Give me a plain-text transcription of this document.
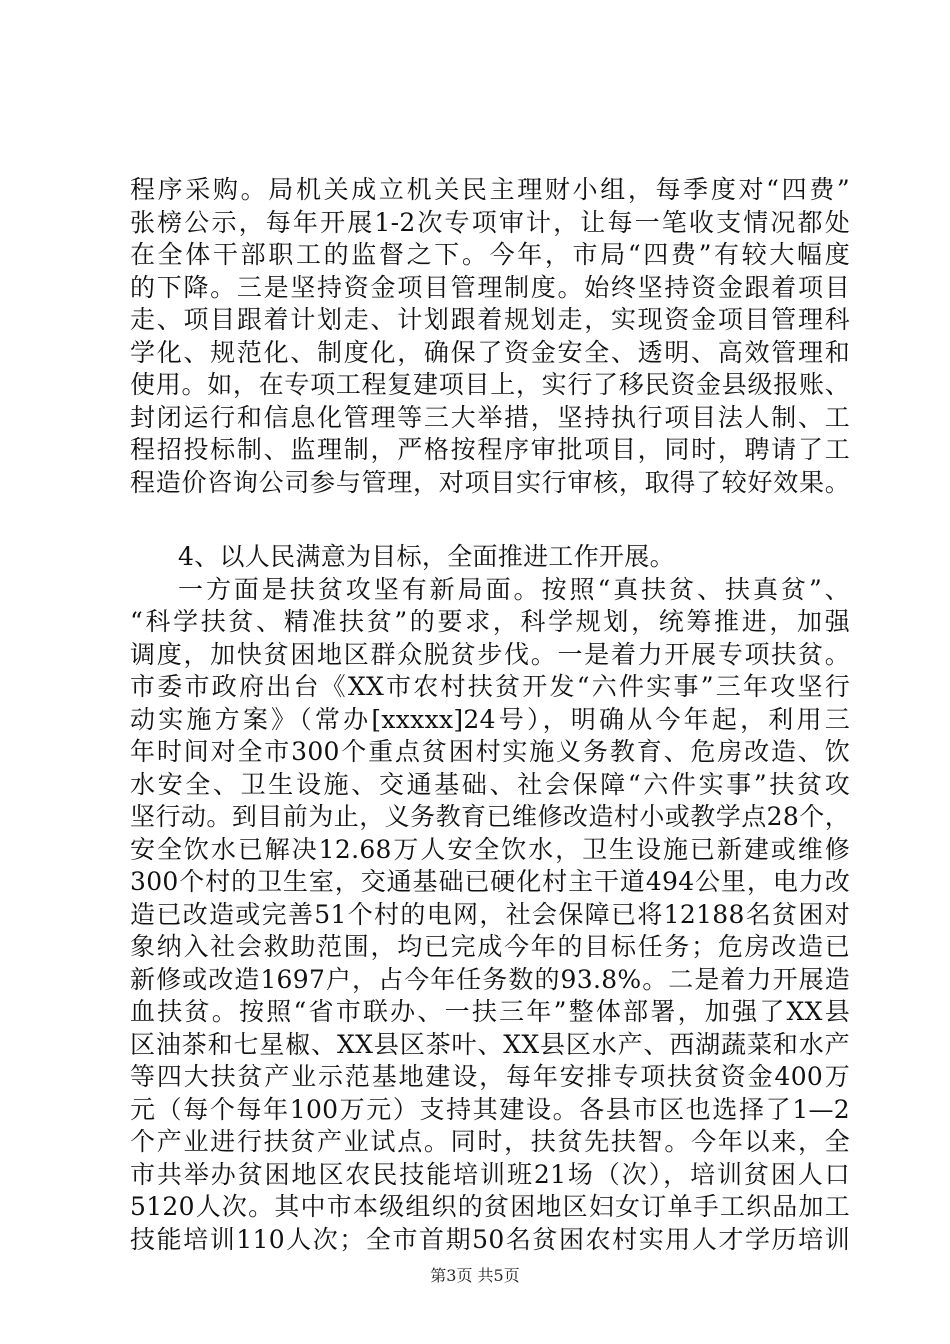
程序采购。局机关成立机关民主理财小组，每季度对“四费”
张榜公示，每年开展1-2次专项审计，让每一笔收支情况都处
在全体干部职工的监督之下。今年，市局“四费”有较大幅度
的下降。三是坚持资金项目管理制度。始终坚持资金跟着项目
走、项目跟着计划走、计划跟着规划走，实现资金项目管理科
学化、规范化、制度化，确保了资金安全、透明、高效管理和
使用。如，在专项工程复建项目上，实行了移民资金县级报账、
封闭运行和信息化管理等三大举措，坚持执行项目法人制、工
程招投标制、监理制，严格按程序审批项目，同时，聘请了工
程造价咨询公司参与管理，对项目实行审核，取得了较好效果。
4、以人民满意为目标，全面推进工作开展。
一方面是扶贫攻坚有新局面。按照“真扶贫、扶真贫”、
“科学扶贫、精准扶贫”的要求，科学规划，统筹推进，加强
调度，加快贫困地区群众脱贫步伐。一是着力开展专项扶贫。
市委市政府出台《XX市农村扶贫开发“六件实事”三年攻坚行
动实施方案》（常办[xxxxx]24号），明确从今年起，利用三
年时间对全市300个重点贫困村实施义务教育、危房改造、饮
水安全、卫生设施、交通基础、社会保障“六件实事”扶贫攻
坚行动。到目前为止，义务教育已维修改造村小或教学点28个，
安全饮水已解决12.68万人安全饮水，卫生设施已新建或维修
300个村的卫生室，交通基础已硬化村主干道494公里，电力改
造已改造或完善51个村的电网，社会保障已将12188名贫困对
象纳入社会救助范围，均已完成今年的目标任务；危房改造已
新修或改造1697户，占今年任务数的93.8%。二是着力开展造
血扶贫。按照“省市联办、一扶三年”整体部署，加强了XX县
区油茶和七星椒、XX县区茶叶、XX县区水产、西湖蔬菜和水产
等四大扶贫产业示范基地建设，每年安排专项扶贫资金400万
元（每个每年100万元）支持其建设。各县市区也选择了1—2
个产业进行扶贫产业试点。同时，扶贫先扶智。今年以来，全
市共举办贫困地区农民技能培训班21场（次），培训贫困人口
5120人次。其中市本级组织的贫困地区妇女订单手工织品加工
技能培训110人次；全市首期50名贫困农村实用人才学历培训
第3页 共5页
